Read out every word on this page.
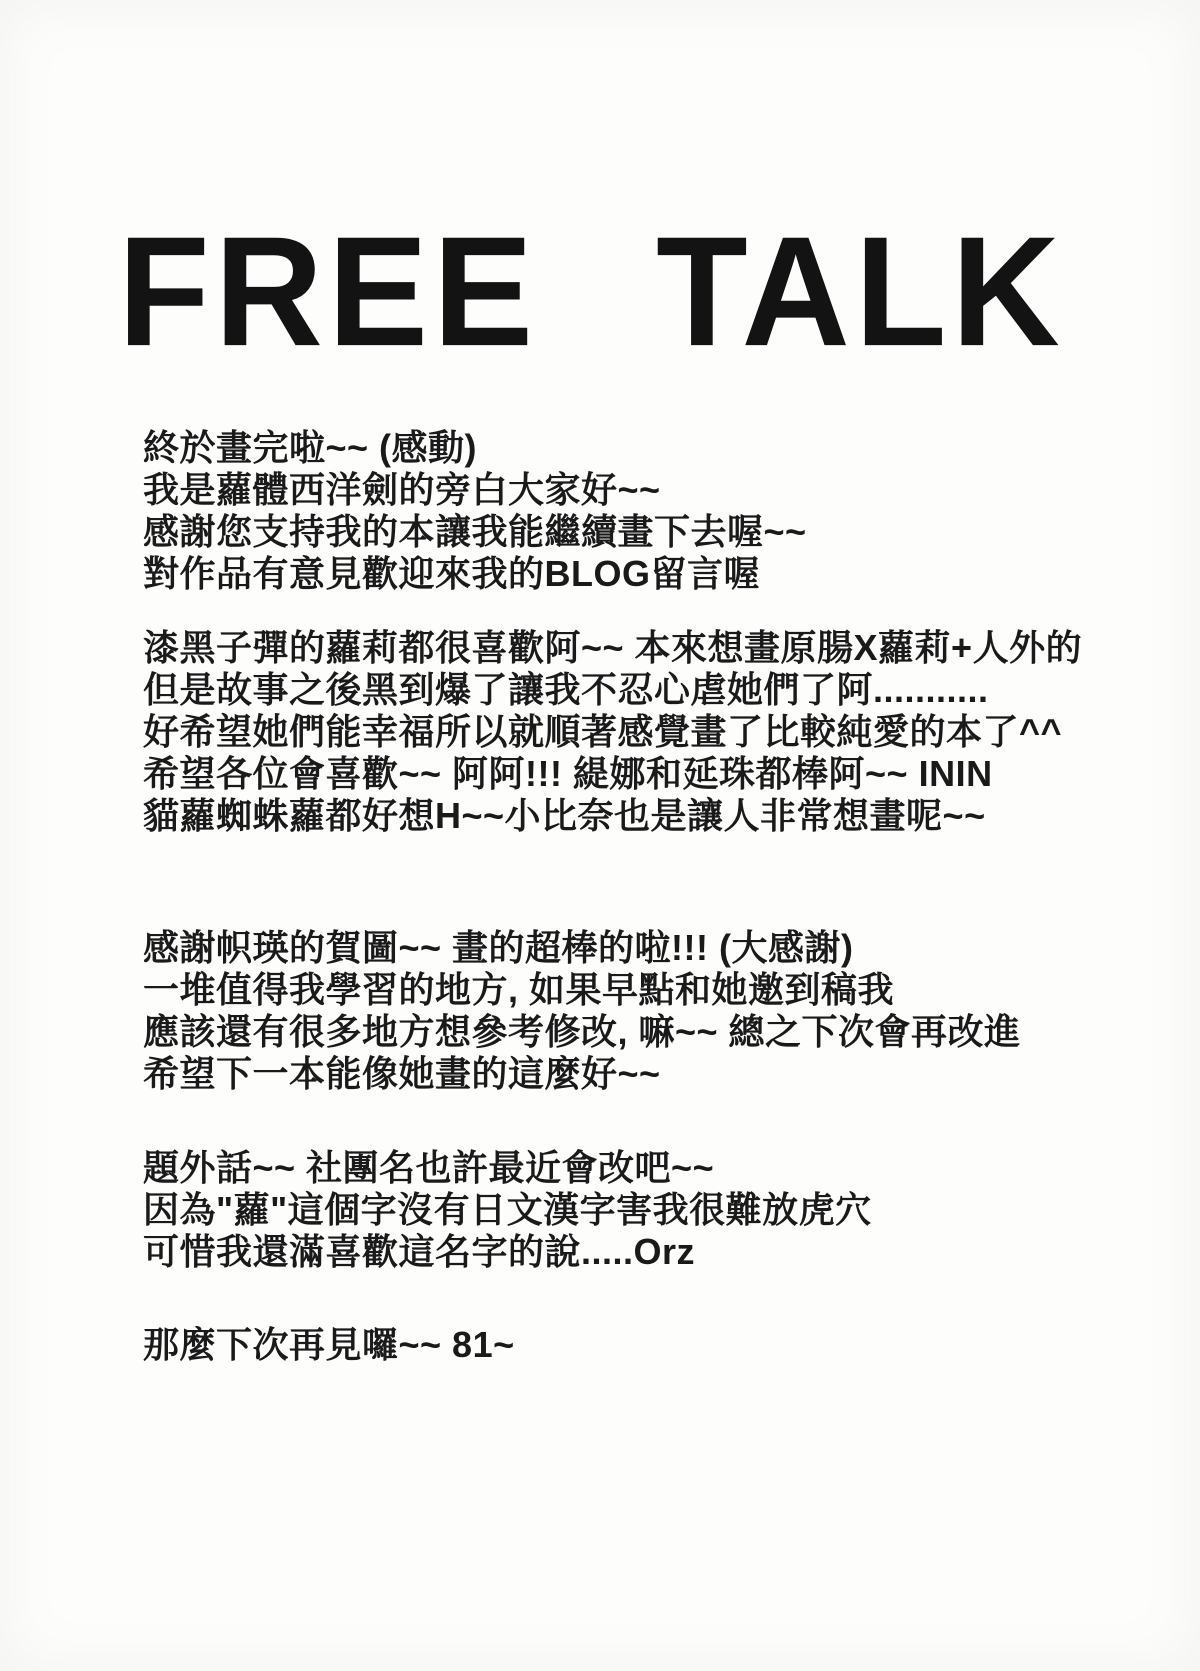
FREE TALK
終於畫完啦~~ (感動)
我是蘿體西洋劍的旁白大家好~~
感謝您支持我的本讓我能繼續畫下去喔~~
對作品有意見歡迎來我的BLOG留言喔
漆黑子彈的蘿莉都很喜歡阿~~ 本來想畫原腸X蘿莉+人外的
但是故事之後黑到爆了讓我不忍心虐她們了阿...........
好希望她們能幸福所以就順著感覺畫了比較純愛的本了^^
希望各位會喜歡~~ 阿阿!!! 緹娜和延珠都棒阿~~ ININ
貓蘿蜘蛛蘿都好想H~~小比奈也是讓人非常想畫呢~~
感謝帜瑛的賀圖~~ 畫的超棒的啦!!! (大感謝)
一堆值得我學習的地方, 如果早點和她邀到稿我
應該還有很多地方想參考修改, 嘛~~ 總之下次會再改進
希望下一本能像她畫的這麼好~~
題外話~~ 社團名也許最近會改吧~~
因為"蘿"這個字沒有日文漢字害我很難放虎穴
可惜我還滿喜歡這名字的說.....Orz
那麼下次再見囉~~ 81~
